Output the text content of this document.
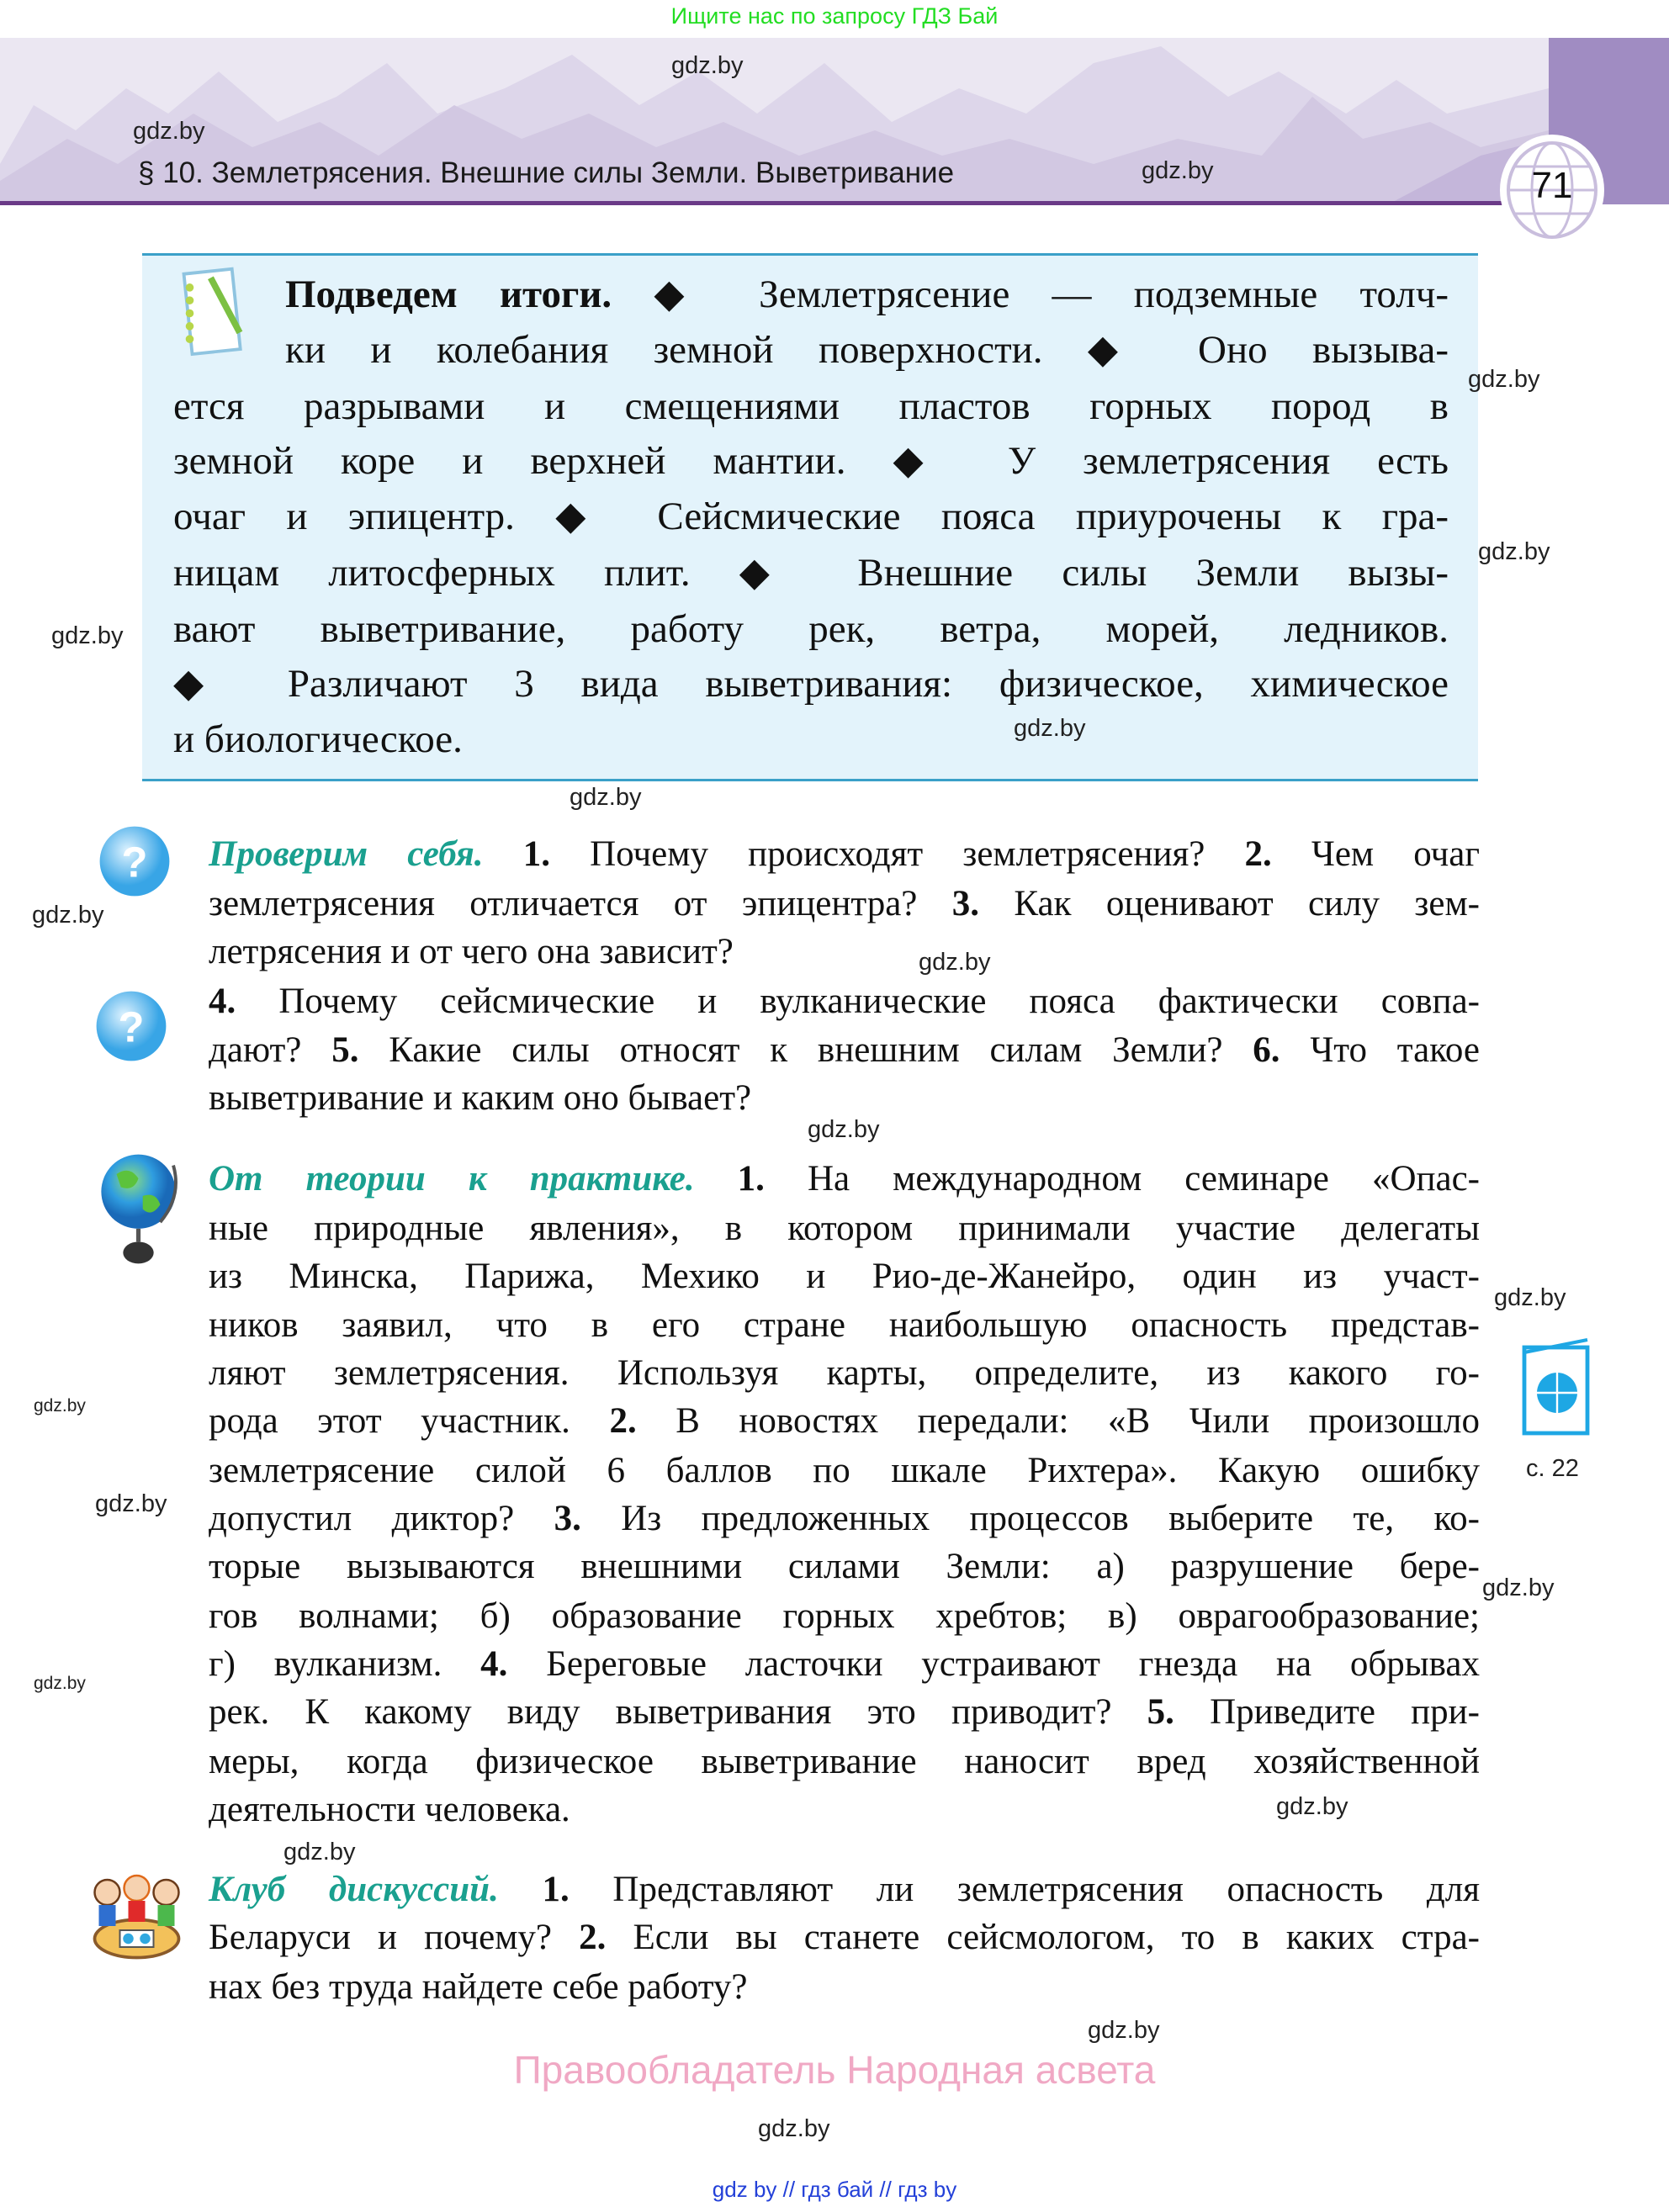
Ищите нас по запросу ГДЗ Бай
§ 10. Землетрясения. Внешние силы Земли. Выветривание	71
Подведем итоги. ◆ Землетрясение — подземные толч-
ки и колебания земной поверхности. ◆ Оно вызыва-
ется разрывами и смещениями пластов горных пород в
земной коре и верхней мантии. ◆ У землетрясения есть
очаг и эпицентр. ◆ Сейсмические пояса приурочены к гра-
ницам литосферных плит. ◆ Внешние силы Земли вызы-
вают выветривание, работу рек, ветра, морей, ледников.
◆ Различают 3 вида выветривания: физическое, химическое
и биологическое.
?
?
Проверим себя. 1. Почему происходят землетрясения? 2. Чем очаг
землетрясения отличается от эпицентра? 3. Как оценивают силу зем-
летрясения и от чего она зависит?
4. Почему сейсмические и вулканические пояса фактически совпа-
дают? 5. Какие силы относят к внешним силам Земли? 6. Что такое
выветривание и каким оно бывает?
От теории к практике. 1. На международном семинаре «Опас-
ные природные явления», в котором принимали участие делегаты
из Минска, Парижа, Мехико и Рио-де-Жанейро, один из участ-
ников заявил, что в его стране наибольшую опасность представ-
ляют землетрясения. Используя карты, определите, из какого го-
рода этот участник. 2. В новостях передали: «В Чили произошло
землетрясение силой 6 баллов по шкале Рихтера». Какую ошибку
допустил диктор? 3. Из предложенных процессов выберите те, ко-
торые вызываются внешними силами Земли: а) разрушение бере-
гов волнами; б) образование горных хребтов; в) оврагообразование;
г) вулканизм. 4. Береговые ласточки устраивают гнезда на обрывах
рек. К какому виду выветривания это приводит? 5. Приведите при-
меры, когда физическое выветривание наносит вред хозяйственной
деятельности человека.
с. 22
Клуб дискуссий. 1. Представляют ли землетрясения опасность для
Беларуси и почему? 2. Если вы станете сейсмологом, то в каких стра-
нах без труда найдете себе работу?
gdz.by
gdz.by
gdz.by
gdz.by
gdz.by
gdz.by
gdz.by
gdz.by
gdz.by
gdz.by
gdz.by
gdz.by
gdz.by
gdz.by
gdz.by
gdz.by
gdz.by
gdz.by
gdz.by
gdz.by
Правообладатель Народная асвета
gdz by // гдз бай // гдз by
